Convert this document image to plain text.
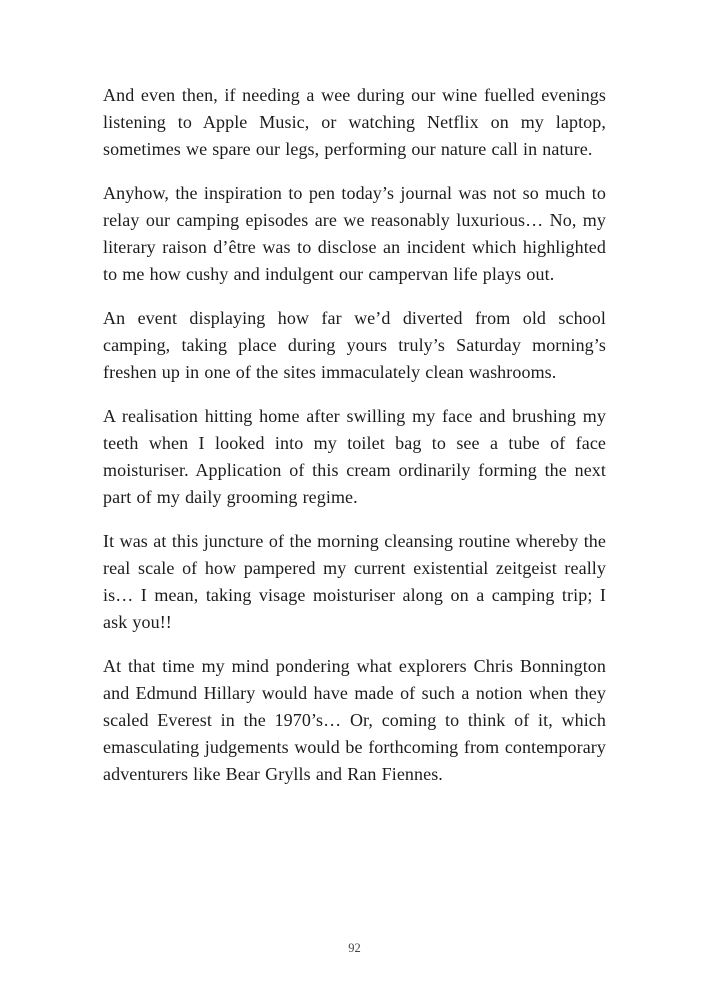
And even then, if needing a wee during our wine fuelled evenings listening to Apple Music, or watching Netflix on my laptop, sometimes we spare our legs, performing our nature call in nature.

Anyhow, the inspiration to pen today’s journal was not so much to relay our camping episodes are we reasonably luxurious… No, my literary raison d’être was to disclose an incident which highlighted to me how cushy and indulgent our campervan life plays out.

An event displaying how far we’d diverted from old school camping, taking place during yours truly’s Saturday morning’s freshen up in one of the sites immaculately clean washrooms.

A realisation hitting home after swilling my face and brushing my teeth when I looked into my toilet bag to see a tube of face moisturiser. Application of this cream ordinarily forming the next part of my daily grooming regime.

It was at this juncture of the morning cleansing routine whereby the real scale of how pampered my current existential zeitgeist really is… I mean, taking visage moisturiser along on a camping trip; I ask you!!

At that time my mind pondering what explorers Chris Bonnington and Edmund Hillary would have made of such a notion when they scaled Everest in the 1970’s… Or, coming to think of it, which emasculating judgements would be forthcoming from contemporary adventurers like Bear Grylls and Ran Fiennes.

92
